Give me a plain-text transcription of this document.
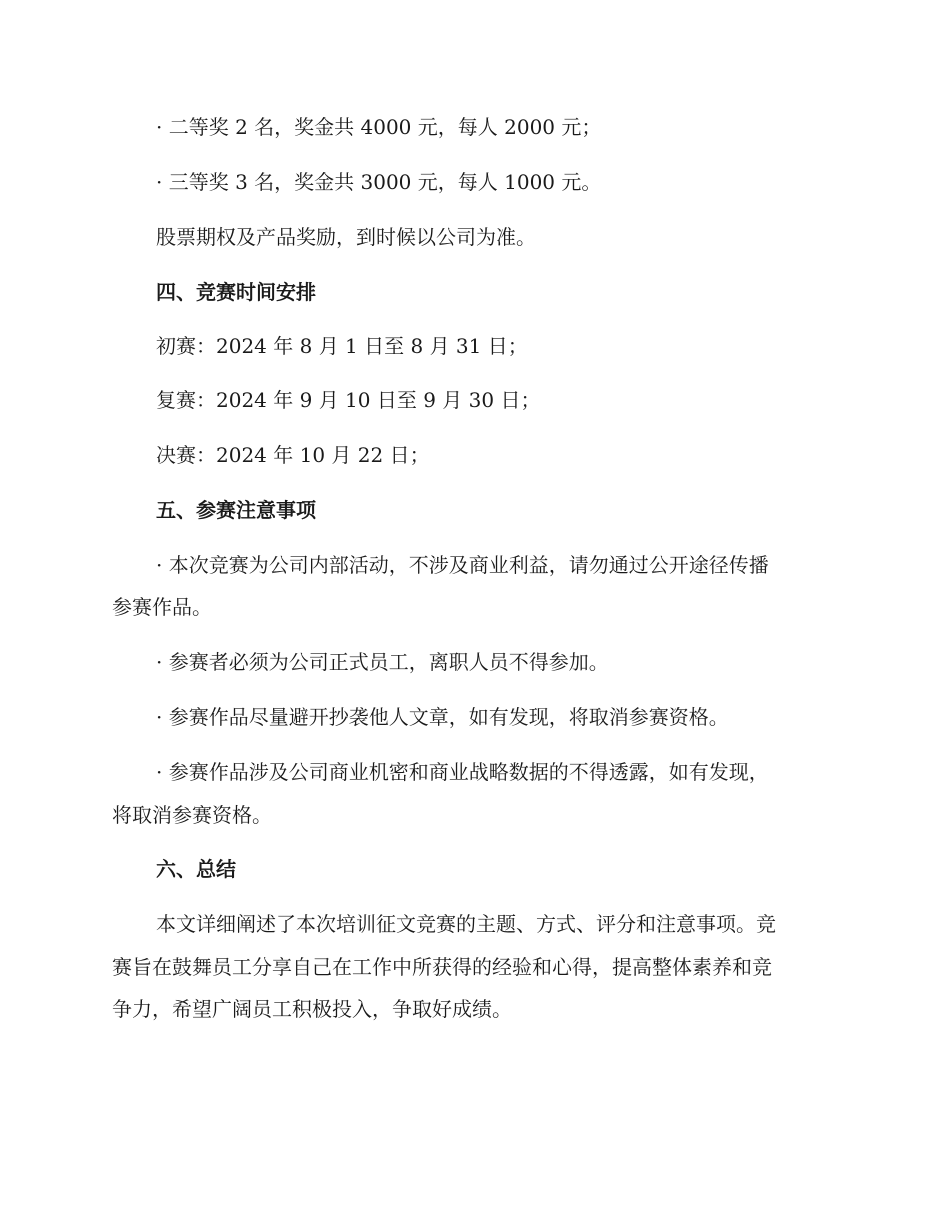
· 二等奖 2 名，奖金共 4000 元，每人 2000 元；
· 三等奖 3 名，奖金共 3000 元，每人 1000 元。
股票期权及产品奖励，到时候以公司为准。
四、竞赛时间安排
初赛：2024 年 8 月 1 日至 8 月 31 日；
复赛：2024 年 9 月 10 日至 9 月 30 日；
决赛：2024 年 10 月 22 日；
五、参赛注意事项
· 本次竞赛为公司内部活动，不涉及商业利益，请勿通过公开途径传播
参赛作品。
· 参赛者必须为公司正式员工，离职人员不得参加。
· 参赛作品尽量避开抄袭他人文章，如有发现，将取消参赛资格。
· 参赛作品涉及公司商业机密和商业战略数据的不得透露，如有发现，
将取消参赛资格。
六、总结
本文详细阐述了本次培训征文竞赛的主题、方式、评分和注意事项。竞
赛旨在鼓舞员工分享自己在工作中所获得的经验和心得，提高整体素养和竞
争力，希望广阔员工积极投入，争取好成绩。
